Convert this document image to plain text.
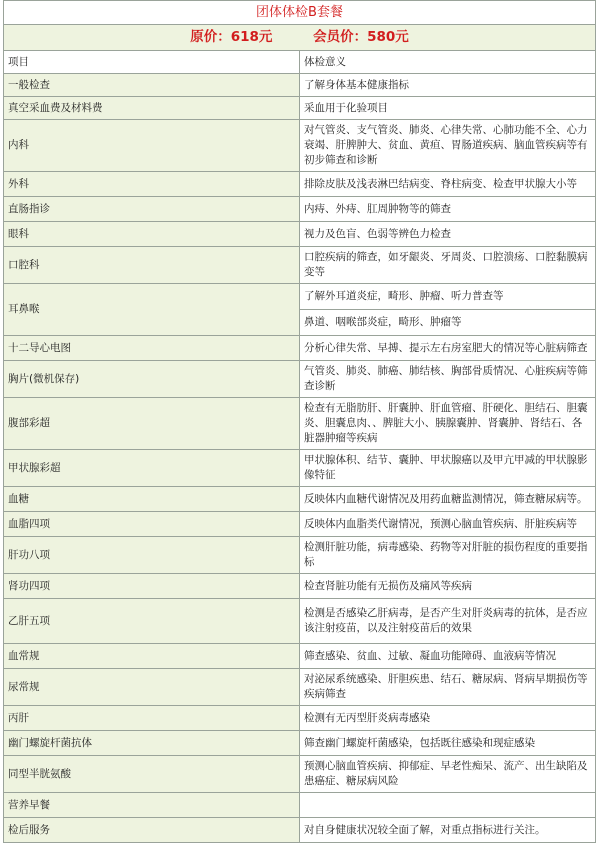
团体体检B套餐	
原价：618元 会员价：580元	
项目	体检意义
一般检查	了解身体基本健康指标
真空采血费及材料费	采血用于化验项目
内科	对气管炎、支气管炎、肺炎、心律失常、心肺功能不全、心力衰竭、肝脾肿大、贫血、黄疸、胃肠道疾病、脑血管疾病等有初步筛查和诊断
外科	排除皮肤及浅表淋巴结病变、脊柱病变、检查甲状腺大小等
直肠指诊	内痔、外痔、肛周肿物等的筛查
眼科	视力及色盲、色弱等辨色力检查
口腔科	口腔疾病的筛查，如牙龈炎、牙周炎、口腔溃疡、口腔黏膜病变等
耳鼻喉	了解外耳道炎症，畸形、肿瘤、听力普查等
	鼻道、咽喉部炎症，畸形、肿瘤等
十二导心电图	分析心律失常、早搏、提示左右房室肥大的情况等心脏病筛查
胸片(微机保存)	气管炎、肺炎、肺癌、肺结核、胸部骨质情况、心脏疾病等筛查诊断
腹部彩超	检查有无脂肪肝、肝囊肿、肝血管瘤、肝硬化、胆结石、胆囊炎、胆囊息肉、、脾脏大小、胰腺囊肿、肾囊肿、肾结石、各脏器肿瘤等疾病
甲状腺彩超	甲状腺体积、结节、囊肿、甲状腺癌以及甲亢甲减的甲状腺影像特征
血糖	反映体内血糖代谢情况及用药血糖监测情况，筛查糖尿病等。
血脂四项	反映体内血脂类代谢情况，预测心脑血管疾病、肝脏疾病等
肝功八项	检测肝脏功能，病毒感染、药物等对肝脏的损伤程度的重要指标
肾功四项	检查肾脏功能有无损伤及痛风等疾病
乙肝五项	检测是否感染乙肝病毒，是否产生对肝炎病毒的抗体，是否应该注射疫苗，以及注射疫苗后的效果
血常规	筛查感染、贫血、过敏、凝血功能障碍、血液病等情况
尿常规	对泌尿系统感染、肝胆疾患、结石、糖尿病、肾病早期损伤等疾病筛查
丙肝	检测有无丙型肝炎病毒感染
幽门螺旋杆菌抗体	筛查幽门螺旋杆菌感染，包括既往感染和现症感染
同型半胱氨酸	预测心脑血管疾病、抑郁症、早老性痴呆、流产、出生缺陷及患癌症、糖尿病风险
营养早餐	
检后服务	对自身健康状况较全面了解，对重点指标进行关注。
